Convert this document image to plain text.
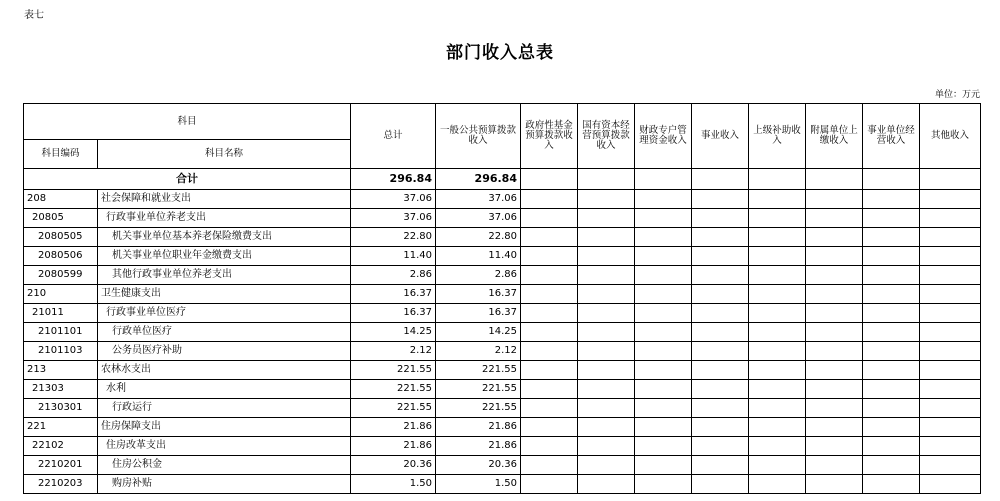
表七
部门收入总表
单位：万元
科目		总计	一般公共预算拨款收入	政府性基金预算拨款收入	国有资本经营预算拨款收入	财政专户管理资金收入	事业收入	上级补助收入	附属单位上缴收入	事业单位经营收入	其他收入
科目编码	科目名称										
合计		296.84	296.84								
208	社会保障和就业支出	37.06	37.06								
20805	行政事业单位养老支出	37.06	37.06								
2080505	机关事业单位基本养老保险缴费支出	22.80	22.80								
2080506	机关事业单位职业年金缴费支出	11.40	11.40								
2080599	其他行政事业单位养老支出	2.86	2.86								
210	卫生健康支出	16.37	16.37								
21011	行政事业单位医疗	16.37	16.37								
2101101	行政单位医疗	14.25	14.25								
2101103	公务员医疗补助	2.12	2.12								
213	农林水支出	221.55	221.55								
21303	水利	221.55	221.55								
2130301	行政运行	221.55	221.55								
221	住房保障支出	21.86	21.86								
22102	住房改革支出	21.86	21.86								
2210201	住房公积金	20.36	20.36								
2210203	购房补贴	1.50	1.50								
